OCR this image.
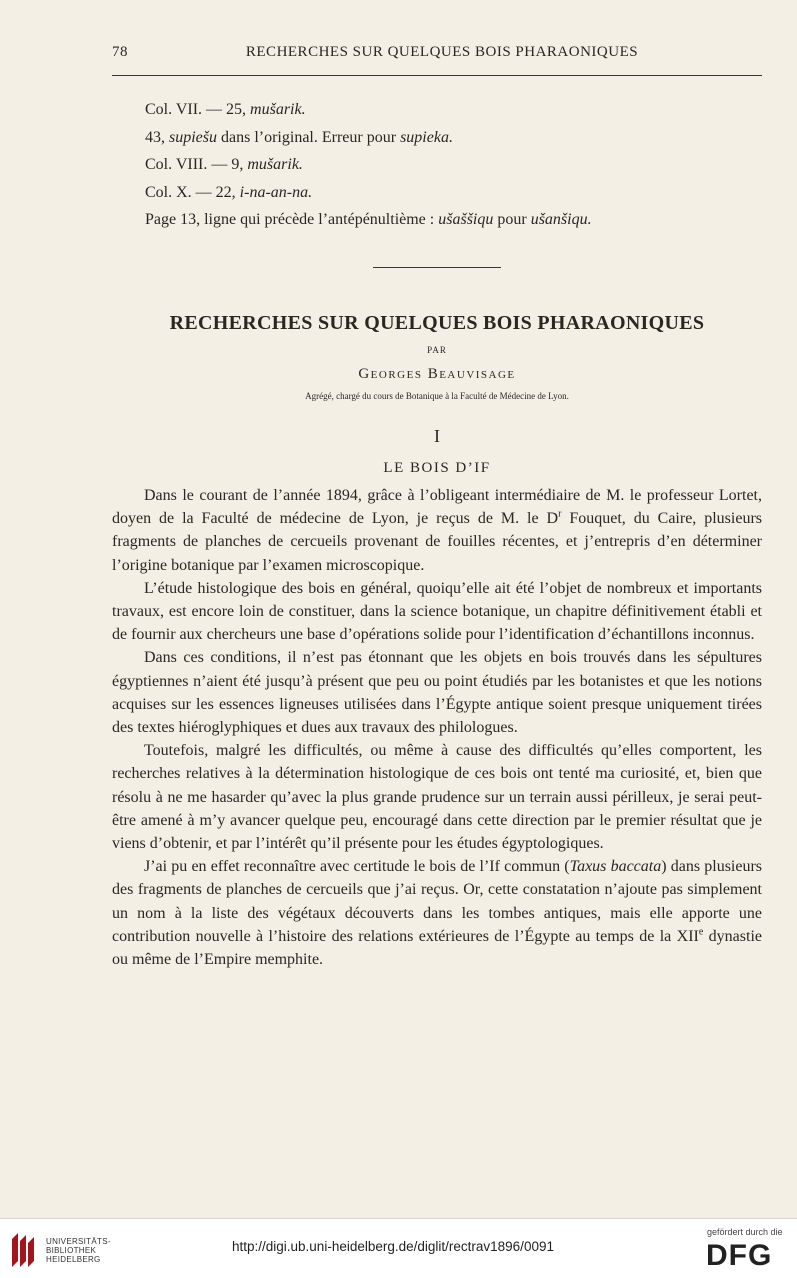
78	RECHERCHES SUR QUELQUES BOIS PHARAONIQUES
Col. VII. — 25, mušarik.
43, supiešu dans l’original. Erreur pour supieka.
Col. VIII. — 9, mušarik.
Col. X. — 22, i-na-an-na.
Page 13, ligne qui précède l’antépénultième : ušaššiqu pour ušanšiqu.
RECHERCHES SUR QUELQUES BOIS PHARAONIQUES
PAR
Georges Beauvisage
Agrégé, chargé du cours de Botanique à la Faculté de Médecine de Lyon.
I
LE BOIS D’IF

Dans le courant de l’année 1894, grâce à l’obligeant intermédiaire de M. le professeur Lortet, doyen de la Faculté de médecine de Lyon, je reçus de M. le $D^r$ Fouquet, du Caire, plusieurs fragments de planches de cercueils provenant de fouilles récentes, et j’entrepris d’en déterminer l’origine botanique par l’examen microscopique.

L’étude histologique des bois en général, quoiqu’elle ait été l’objet de nombreux et importants travaux, est encore loin de constituer, dans la science botanique, un chapitre définitivement établi et de fournir aux chercheurs une base d’opérations solide pour l’identification d’échantillons inconnus.

Dans ces conditions, il n’est pas étonnant que les objets en bois trouvés dans les sépultures égyptiennes n’aient été jusqu’à présent que peu ou point étudiés par les botanistes et que les notions acquises sur les essences ligneuses utilisées dans l’Égypte antique soient presque uniquement tirées des textes hiéroglyphiques et dues aux travaux des philologues.

Toutefois, malgré les difficultés, ou même à cause des difficultés qu’elles comportent, les recherches relatives à la détermination histologique de ces bois ont tenté ma curiosité, et, bien que résolu à ne me hasarder qu’avec la plus grande prudence sur un terrain aussi périlleux, je serai peut-être amené à m’y avancer quelque peu, encouragé dans cette direction par le premier résultat que je viens d’obtenir, et par l’intérêt qu’il présente pour les études égyptologiques.

J’ai pu en effet reconnaître avec certitude le bois de l’If commun (Taxus baccata) dans plusieurs des fragments de planches de cercueils que j’ai reçus. Or, cette constatation n’ajoute pas simplement un nom à la liste des végétaux découverts dans les tombes antiques, mais elle apporte une contribution nouvelle à l’histoire des relations extérieures de l’Égypte au temps de la XIIe dynastie ou même de l’Empire memphite.

UNIVERSITÄTS-
BIBLIOTHEK
HEIDELBERG
http://digi.ub.uni-heidelberg.de/diglit/rectrav1896/0091
gefördert durch die
DFG
